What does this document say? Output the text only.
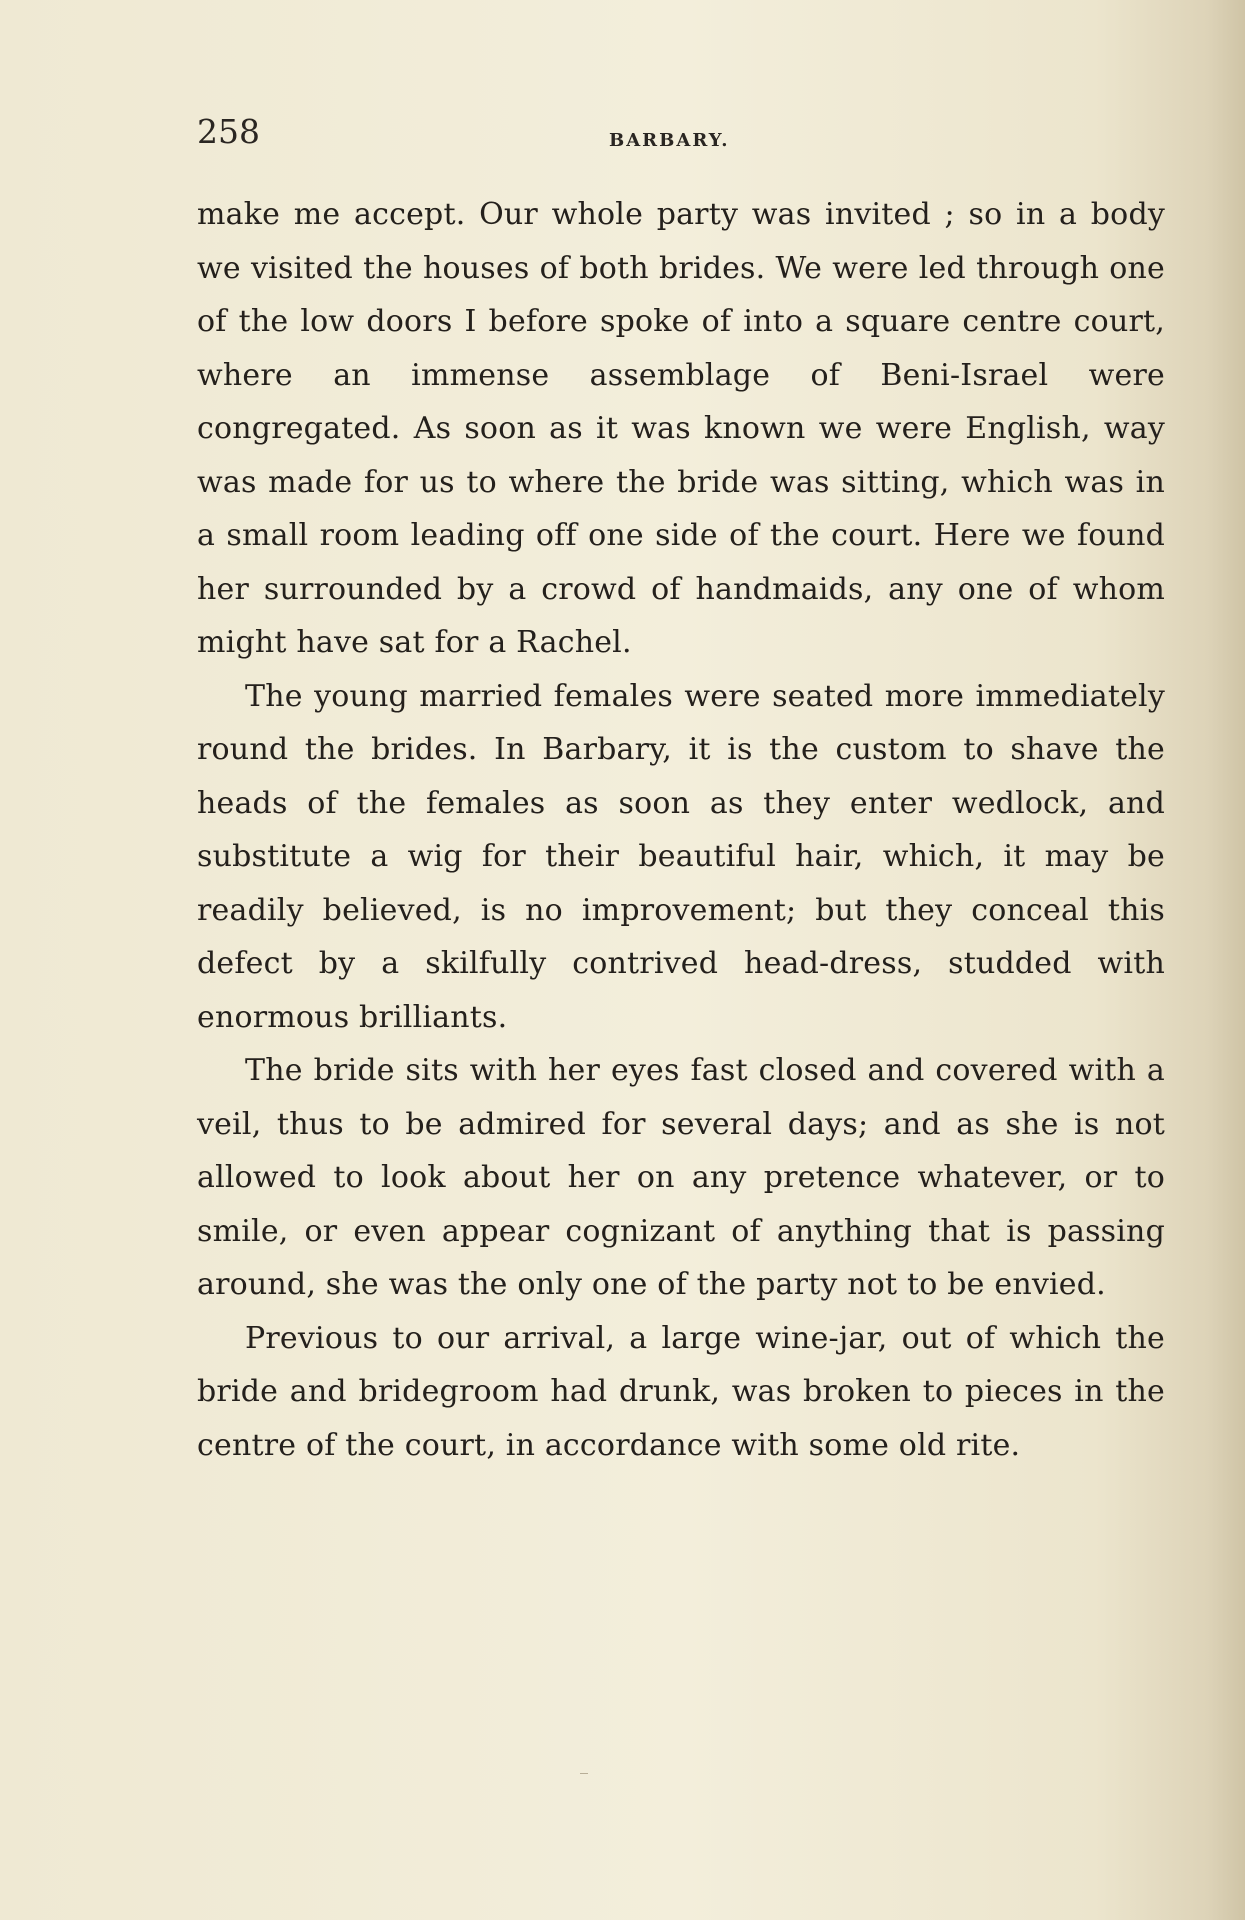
258	BARBARY.

make me accept. Our whole party was invited ; so in a body we visited the houses of both brides. We were led through one of the low doors I before spoke of into a square centre court, where an immense assemblage of Beni-Israel were congregated. As soon as it was known we were English, way was made for us to where the bride was sitting, which was in a small room leading off one side of the court. Here we found her surrounded by a crowd of handmaids, any one of whom might have sat for a Rachel.

The young married females were seated more immediately round the brides. In Barbary, it is the custom to shave the heads of the females as soon as they enter wedlock, and substitute a wig for their beautiful hair, which, it may be readily believed, is no improvement; but they conceal this defect by a skilfully contrived head-dress, studded with enormous brilliants.

The bride sits with her eyes fast closed and covered with a veil, thus to be admired for several days; and as she is not allowed to look about her on any pretence whatever, or to smile, or even appear cognizant of anything that is passing around, she was the only one of the party not to be envied.

Previous to our arrival, a large wine-jar, out of which the bride and bridegroom had drunk, was broken to pieces in the centre of the court, in accordance with some old rite.
